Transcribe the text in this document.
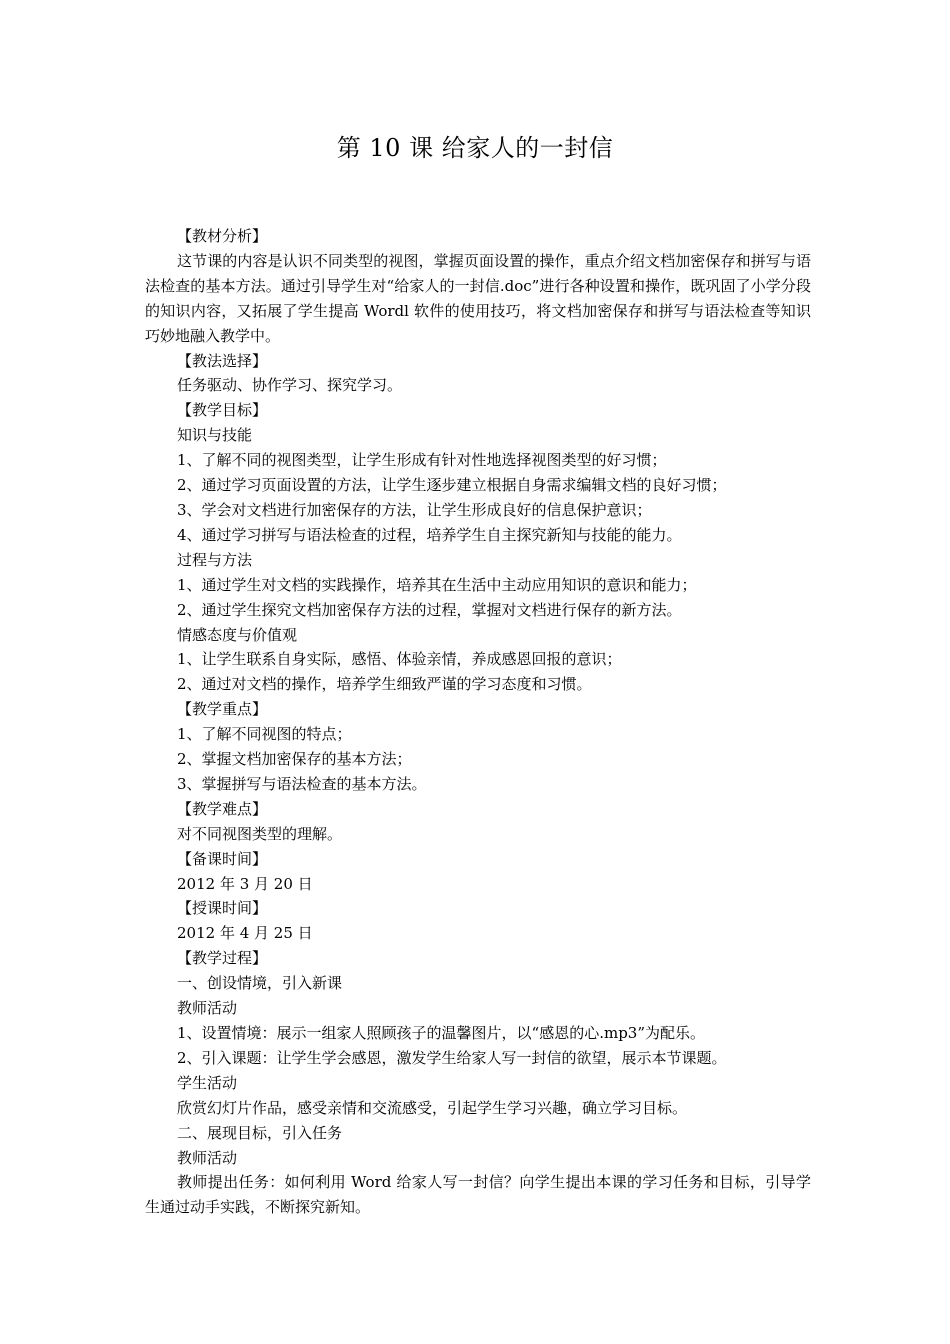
第 10 课 给家人的一封信

【教材分析】

这节课的内容是认识不同类型的视图，掌握页面设置的操作，重点介绍文档加密保存和拼写与语法检查的基本方法。通过引导学生对“给家人的一封信.doc”进行各种设置和操作，既巩固了小学分段的知识内容，又拓展了学生提高 Wordl 软件的使用技巧，将文档加密保存和拼写与语法检查等知识巧妙地融入教学中。

【教法选择】

任务驱动、协作学习、探究学习。

【教学目标】

知识与技能

1、了解不同的视图类型，让学生形成有针对性地选择视图类型的好习惯；

2、通过学习页面设置的方法，让学生逐步建立根据自身需求编辑文档的良好习惯；

3、学会对文档进行加密保存的方法，让学生形成良好的信息保护意识；

4、通过学习拼写与语法检查的过程，培养学生自主探究新知与技能的能力。

过程与方法

1、通过学生对文档的实践操作，培养其在生活中主动应用知识的意识和能力；

2、通过学生探究文档加密保存方法的过程，掌握对文档进行保存的新方法。

情感态度与价值观

1、让学生联系自身实际，感悟、体验亲情，养成感恩回报的意识；

2、通过对文档的操作，培养学生细致严谨的学习态度和习惯。

【教学重点】

1、了解不同视图的特点；

2、掌握文档加密保存的基本方法；

3、掌握拼写与语法检查的基本方法。

【教学难点】

对不同视图类型的理解。

【备课时间】

2012 年 3 月 20 日

【授课时间】

2012 年 4 月 25 日

【教学过程】

一、创设情境，引入新课

教师活动

1、设置情境：展示一组家人照顾孩子的温馨图片，以“感恩的心.mp3”为配乐。

2、引入课题：让学生学会感恩，激发学生给家人写一封信的欲望，展示本节课题。

学生活动

欣赏幻灯片作品，感受亲情和交流感受，引起学生学习兴趣，确立学习目标。

二、展现目标，引入任务

教师活动

教师提出任务：如何利用 Word 给家人写一封信？向学生提出本课的学习任务和目标，引导学生通过动手实践，不断探究新知。
